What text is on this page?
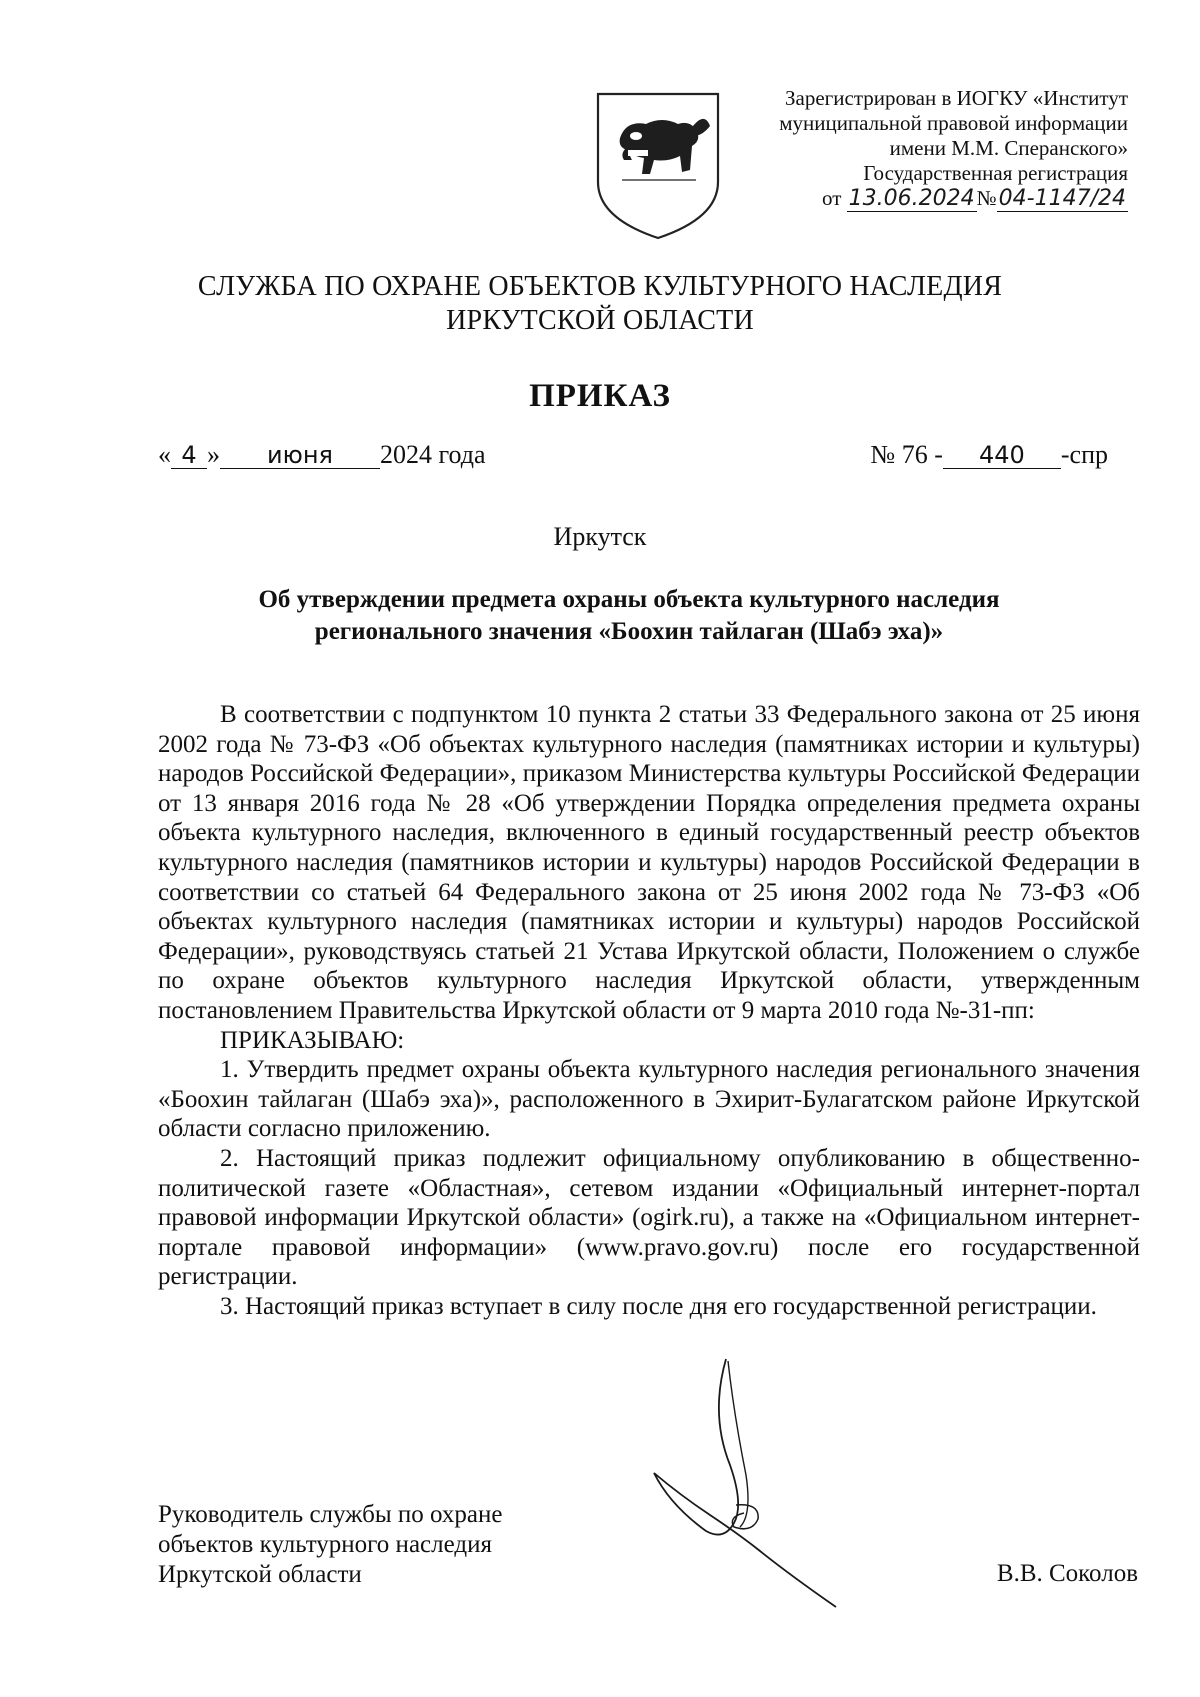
Зарегистрирован в ИОГКУ «Институт
муниципальной правовой информации
имени М.М. Сперанского»
Государственная регистрация
от 13.06.2024№04-1147/24
СЛУЖБА ПО ОХРАНЕ ОБЪЕКТОВ КУЛЬТУРНОГО НАСЛЕДИЯ
ИРКУТСКОЙ ОБЛАСТИ
ПРИКАЗ
« 4 » июня 2024 года	№ 76 - 440 -спр
Иркутск
Об утверждении предмета охраны объекта культурного наследия
регионального значения «Боохин тайлаган (Шабэ эха)»

В соответствии с подпунктом 10 пункта 2 статьи 33 Федерального закона от 25 июня 2002 года № 73-ФЗ «Об объектах культурного наследия (памятниках истории и культуры) народов Российской Федерации», приказом Министерства культуры Российской Федерации от 13 января 2016 года № 28 «Об утверждении Порядка определения предмета охраны объекта культурного наследия, включенного в единый государственный реестр объектов культурного наследия (памятников истории и культуры) народов Российской Федерации в соответствии со статьей 64 Федерального закона от 25 июня 2002 года № 73-ФЗ «Об объектах культурного наследия (памятниках истории и культуры) народов Российской Федерации», руководствуясь статьей 21 Устава Иркутской области, Положением о службе по охране объектов культурного наследия Иркутской области, утвержденным постановлением Правительства Иркутской области от 9 марта 2010 года №-31-пп:

ПРИКАЗЫВАЮ:

1. Утвердить предмет охраны объекта культурного наследия регионального значения «Боохин тайлаган (Шабэ эха)», расположенного в Эхирит-Булагатском районе Иркутской области согласно приложению.

2. Настоящий приказ подлежит официальному опубликованию в общественно-политической газете «Областная», сетевом издании «Официальный интернет-портал правовой информации Иркутской области» (ogirk.ru), а также на «Официальном интернет-портале правовой информации» (www.pravo.gov.ru) после его государственной регистрации.

3. Настоящий приказ вступает в силу после дня его государственной регистрации.

Руководитель службы по охране
объектов культурного наследия
Иркутской области	В.В. Соколов
